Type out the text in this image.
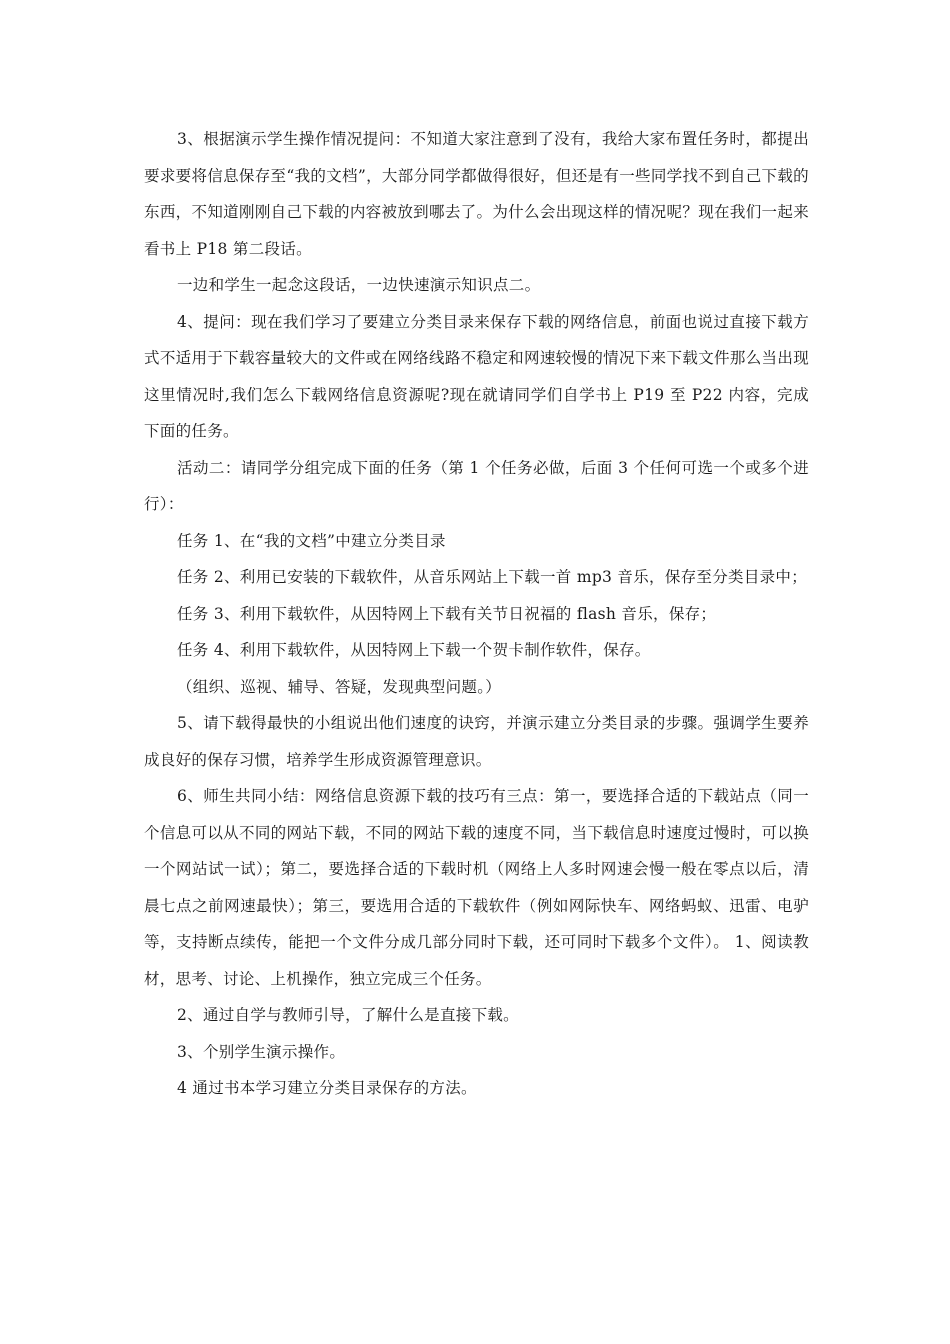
3、根据演示学生操作情况提问：不知道大家注意到了没有，我给大家布置任务时，都提出要求要将信息保存至“我的文档”，大部分同学都做得很好，但还是有一些同学找不到自己下载的东西，不知道刚刚自己下载的内容被放到哪去了。为什么会出现这样的情况呢？现在我们一起来看书上 P18 第二段话。

一边和学生一起念这段话，一边快速演示知识点二。

4、提问：现在我们学习了要建立分类目录来保存下载的网络信息，前面也说过直接下载方式不适用于下载容量较大的文件或在网络线路不稳定和网速较慢的情况下来下载文件那么当出现这里情况时,我们怎么下载网络信息资源呢?现在就请同学们自学书上 P19 至 P22 内容，完成下面的任务。

活动二：请同学分组完成下面的任务（第 1 个任务必做，后面 3 个任何可选一个或多个进行）：

任务 1、在“我的文档”中建立分类目录

任务 2、利用已安装的下载软件，从音乐网站上下载一首 mp3 音乐，保存至分类目录中；

任务 3、利用下载软件，从因特网上下载有关节日祝福的 flash 音乐，保存；

任务 4、利用下载软件，从因特网上下载一个贺卡制作软件，保存。

（组织、巡视、辅导、答疑，发现典型问题。）

5、请下载得最快的小组说出他们速度的诀窍，并演示建立分类目录的步骤。强调学生要养成良好的保存习惯，培养学生形成资源管理意识。

6、师生共同小结：网络信息资源下载的技巧有三点：第一，要选择合适的下载站点（同一个信息可以从不同的网站下载，不同的网站下载的速度不同，当下载信息时速度过慢时，可以换一个网站试一试）；第二，要选择合适的下载时机（网络上人多时网速会慢一般在零点以后，清晨七点之前网速最快）；第三，要选用合适的下载软件（例如网际快车、网络蚂蚁、迅雷、电驴等，支持断点续传，能把一个文件分成几部分同时下载，还可同时下载多个文件）。 1、阅读教材，思考、讨论、上机操作，独立完成三个任务。

2、通过自学与教师引导，了解什么是直接下载。

3、个别学生演示操作。

4 通过书本学习建立分类目录保存的方法。
